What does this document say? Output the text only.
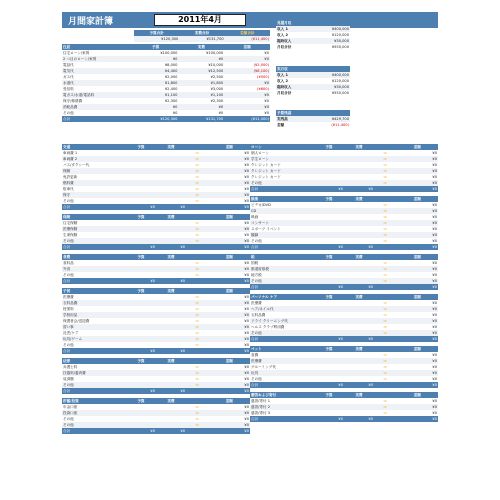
月間家計簿	2011年4月
予算合計	実費合計	差額合計
¥120,300	¥131,700	(¥11,400)
住居	予算	実費	差額
住宅ローン/家賃	¥100,000	¥100,000	¥0
2 つ目のローン/家賃	¥0	¥0	¥0
電話代	¥8,000	¥10,000	(¥2,000)
電気代	¥4,400	¥12,500	(¥8,100)
ガス代	¥2,000	¥2,500	(¥500)
水道代	¥1,800	¥1,800	¥0
受信料	¥2,400	¥3,000	(¥600)
電ガス/水道/電話料	¥1,100	¥1,100	¥0
保守/修繕費	¥2,300	¥2,300	¥0
消耗品費	¥0	¥0	¥0
その他	¥0	¥0	¥0
合計	¥120,300	¥131,700	(¥11,400)
見積月収	
収入 1	¥400,000
収入 2	¥120,000
臨時収入	¥30,000
月収合計	¥550,000
実月収	
収入 1	¥400,000
収入 2	¥120,000
臨時収入	¥30,000
月収合計	¥550,000
予算残高	
実残高	¥429,700
差額	(¥11,400)
交通	予算	実費		差額
車両費 1			⇨	¥0
車両費 2			⇨	¥0
バス/タクシー代			⇨	¥0
保険			⇨	¥0
免許更新			⇨	¥0
燃料費			⇨	¥0
駐車代			⇨	¥0
保守			⇨	¥0
その他			⇨	¥0
合計	¥0	¥0		¥0
保険	予算	実費		差額
住宅保険			⇨	¥0
医療保険			⇨	¥0
生命保険			⇨	¥0
その他			⇨	¥0
合計	¥0	¥0		¥0
食費	予算	実費		差額
食料品			⇨	¥0
外食			⇨	¥0
その他			⇨	¥0
合計	¥0	¥0		¥0
子供	予算	実費		差額
医療費			⇨	¥0
衣料品費			⇨	¥0
授業料			⇨	¥0
学校用品			⇨	¥0
保護者会/送迎費			⇨	¥0
習い事			⇨	¥0
託児/ケア			⇨	¥0
玩具/ゲーム			⇨	¥0
その他			⇨	¥0
合計	¥0	¥0		¥0
法律	予算	実費		差額
弁護士料			⇨	¥0
扶養料/養育費			⇨	¥0
返済額			⇨	¥0
その他			⇨	¥0
合計	¥0	¥0		¥0
貯蓄/投資	予算	実費		差額
年金口座			⇨	¥0
投資口座			⇨	¥0
その他			⇨	¥0
その他			⇨	¥0
合計	¥0	¥0		¥0
ローン	予算	実費		差額
個人ローン			⇨	¥0
学生ローン			⇨	¥0
クレジット カード			⇨	¥0
クレジット カード			⇨	¥0
クレジット カード			⇨	¥0
その他			⇨	¥0
合計	¥0	¥0		¥0
娯楽	予算	実費		差額
ビデオ/DVD			⇨	¥0
CD			⇨	¥0
映画			⇨	¥0
コンサート			⇨	¥0
スポーツ イベント			⇨	¥0
観劇			⇨	¥0
その他			⇨	¥0
合計	¥0	¥0		¥0
税	予算	実費		差額
国税			⇨	¥0
都道府県税			⇨	¥0
地方税			⇨	¥0
その他			⇨	¥0
合計	¥0	¥0		¥0
パーソナル ケア	予算	実費		差額
医療費			⇨	¥0
ヘア/ネイル代			⇨	¥0
衣料品費			⇨	¥0
ドライ クリーニング代			⇨	¥0
ヘルス クラブ利用費			⇨	¥0
その他			⇨	¥0
合計	¥0	¥0		¥0
ペット	予算	実費		差額
食費			⇨	¥0
医療費			⇨	¥0
グルーミング代			⇨	¥0
玩具			⇨	¥0
その他			⇨	¥0
合計	¥0	¥0		¥0
贈答および寄付	予算	実費		差額
慈善/寄付 1			⇨	¥0
慈善/寄付 2			⇨	¥0
慈善/寄付 3			⇨	¥0
合計	¥0	¥0		¥0
